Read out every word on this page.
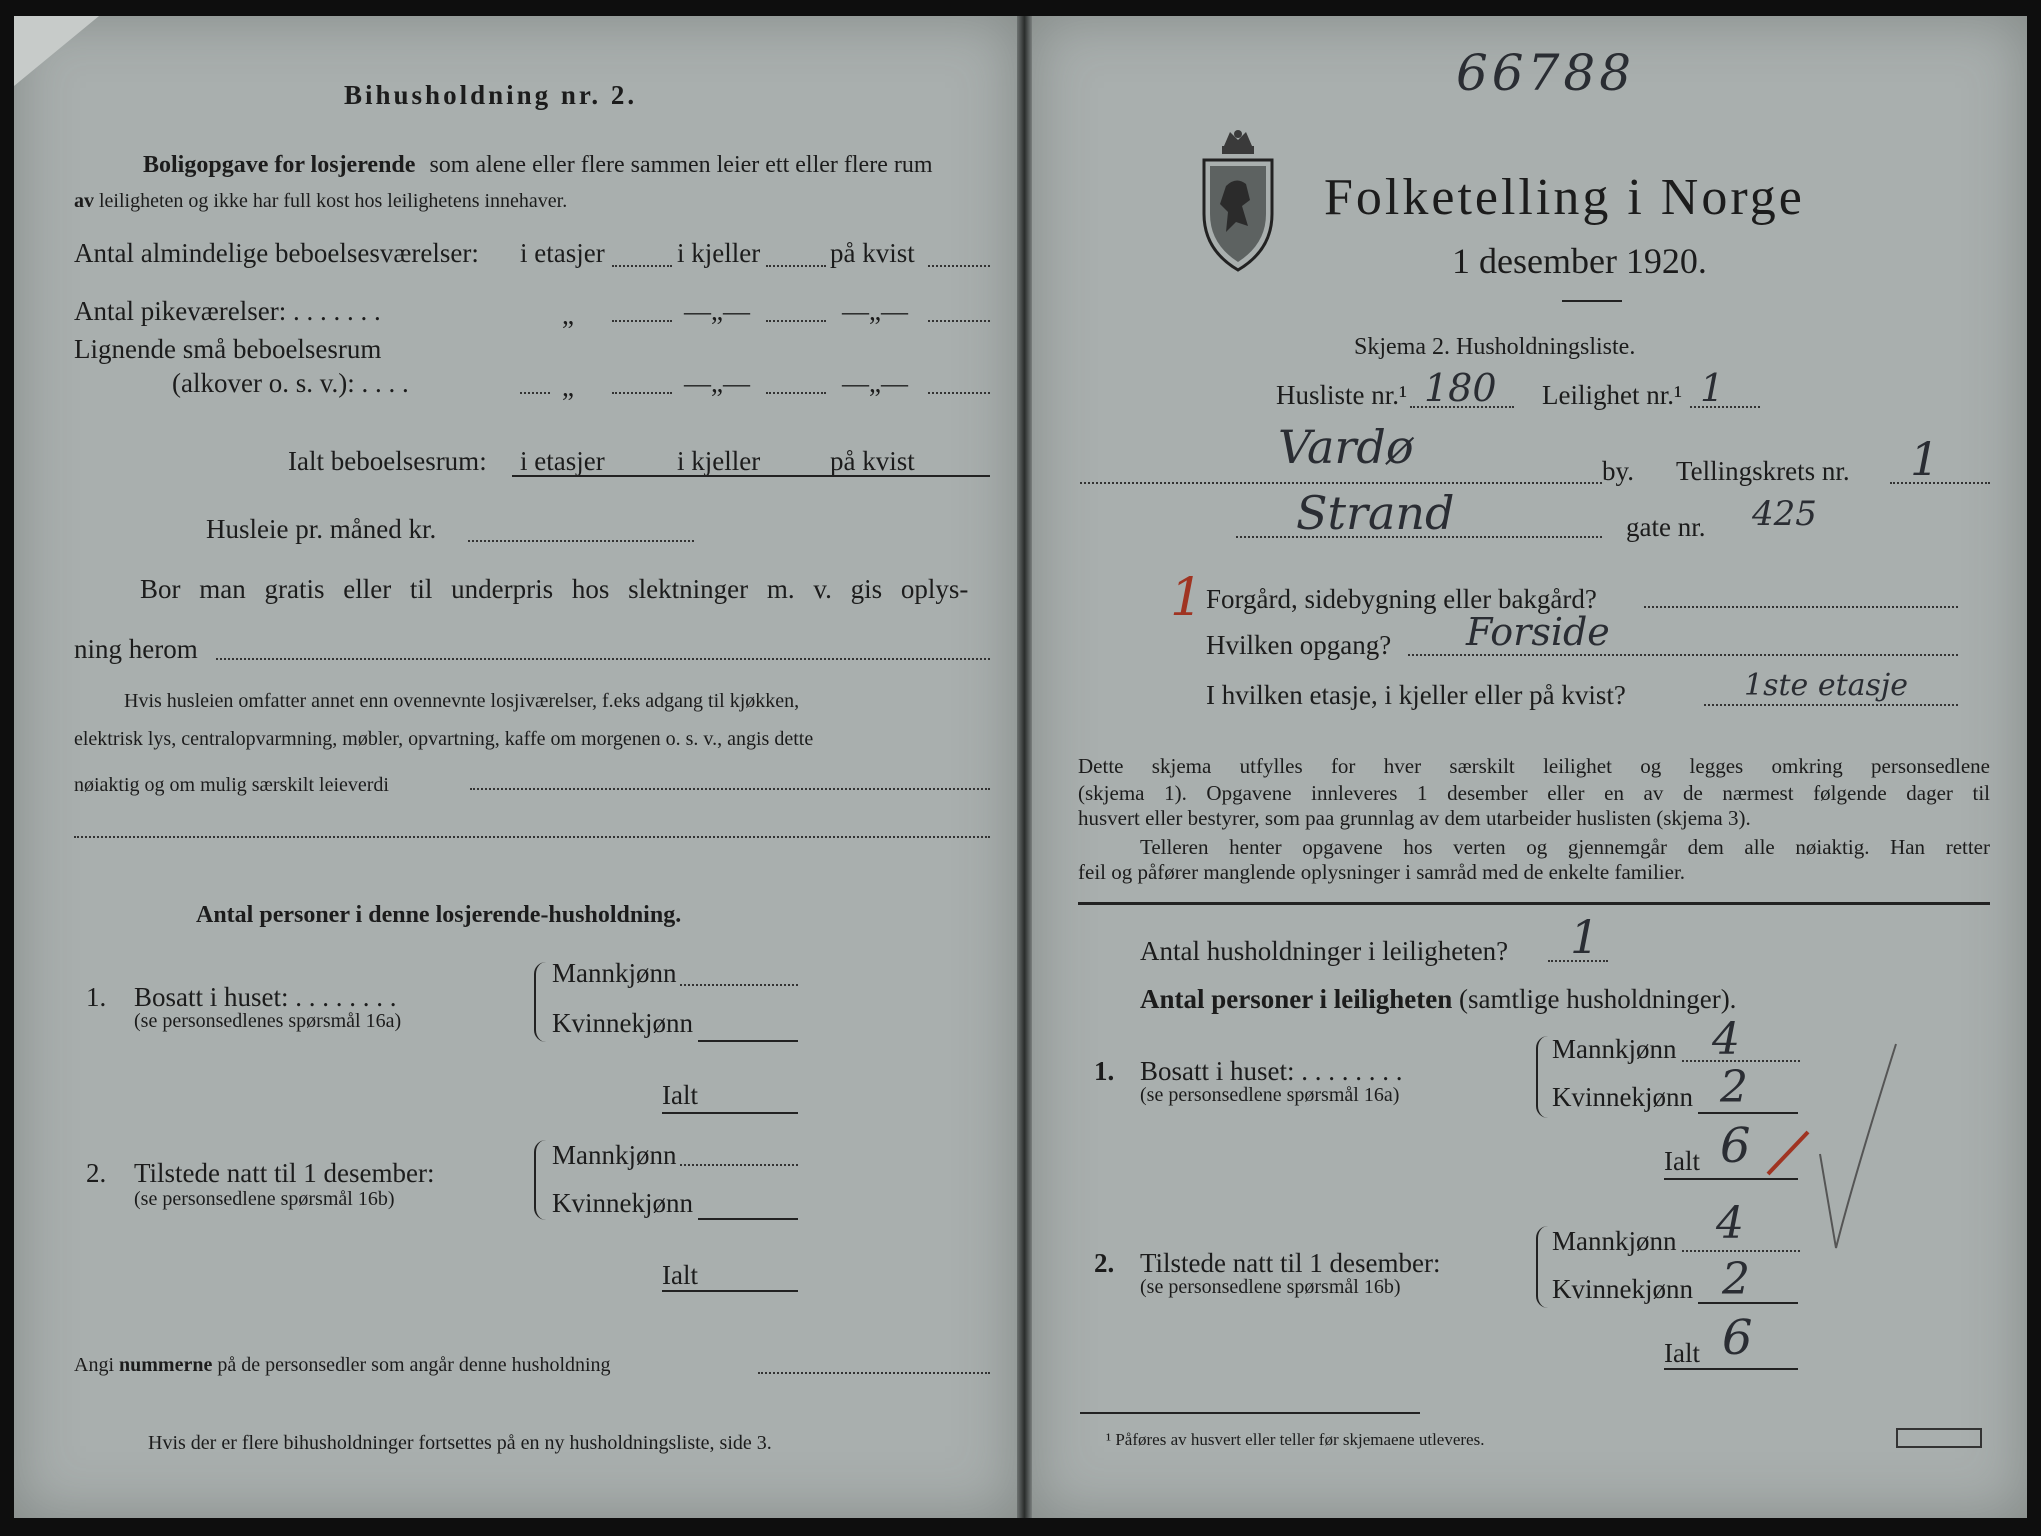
Bihusholdning nr. 2.
Boligopgave for losjerende som alene eller flere sammen leier ett eller flere rum
av leiligheten og ikke har full kost hos leilighetens innehaver.
Antal almindelige beboelsesværelser: i etasjer	i kjeller	på kvist
Antal pikeværelser: . . . . . . .	„	—„—	—„—
Lignende små beboelsesrum
(alkover o. s. v.): . . . .	„	—„—	—„—
Ialt beboelsesrum: i etasjer	i kjeller	på kvist
Husleie pr. måned kr.
Bor man gratis eller til underpris hos slektninger m. v. gis oplys-
ning herom
Hvis husleien omfatter annet enn ovennevnte losjiværelser, f.eks adgang til kjøkken,
elektrisk lys, centralopvarmning, møbler, opvartning, kaffe om morgenen o. s. v., angis dette
nøiaktig og om mulig særskilt leieverdi
Antal personer i denne losjerende-husholdning.
1. Bosatt i huset: . . . . . . . .
(se personsedlenes spørsmål 16a)
Mannkjønn
Kvinnekjønn
Ialt
2. Tilstede natt til 1 desember:
(se personsedlene spørsmål 16b)
Mannkjønn
Kvinnekjønn
Ialt
Angi nummerne på de personsedler som angår denne husholdning
Hvis der er flere bihusholdninger fortsettes på en ny husholdningsliste, side 3.
66788
Folketelling i Norge
1 desember 1920.
Skjema 2. Husholdningsliste.
Husliste nr.¹ 180 Leilighet nr.¹ 1
Vardø	by. Tellingskrets nr. 1
Strand	gate nr. 425
1 Forgård, sidebygning eller bakgård?
Hvilken opgang? Forside
I hvilken etasje, i kjeller eller på kvist?	1ste etasje
Dette skjema utfylles for hver særskilt leilighet og legges omkring personsedlene
(skjema 1). Opgavene innleveres 1 desember eller en av de nærmest følgende dager til
husvert eller bestyrer, som paa grunnlag av dem utarbeider huslisten (skjema 3).
Telleren henter opgavene hos verten og gjennemgår dem alle nøiaktig. Han retter
feil og påfører manglende oplysninger i samråd med de enkelte familier.
Antal husholdninger i leiligheten? 1
Antal personer i leiligheten (samtlige husholdninger).
1. Bosatt i huset: . . . . . . . .
(se personsedlene spørsmål 16a)
Mannkjønn 4
Kvinnekjønn 2
Ialt 6
2. Tilstede natt til 1 desember:
(se personsedlene spørsmål 16b)
Mannkjønn 4
Kvinnekjønn 2
Ialt 6
¹ Påføres av husvert eller teller før skjemaene utleveres.
